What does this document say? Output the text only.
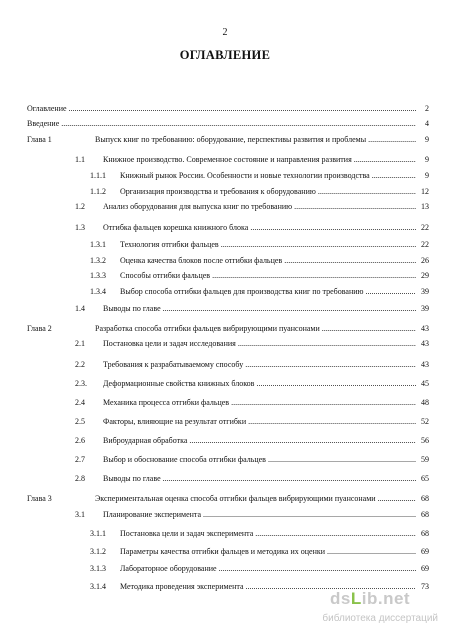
2
ОГЛАВЛЕНИЕ
Оглавление .....	2
Введение .....	4
Глава 1	Выпуск книг по требованию: оборудование, перспективы развития и проблемы .....	9
1.1 Книжное производство. Современное состояние и направления развития .....	9
1.1.1 Книжный рынок России. Особенности и новые технологии производства .....	9
1.1.2 Организация производства и требования к оборудованию .....	12
1.2 Анализ оборудования для выпуска книг по требованию .....	13
1.3 Отгибка фальцев корешка книжного блока .....	22
1.3.1 Технология отгибки фальцев .....	22
1.3.2 Оценка качества блоков после отгибки фальцев .....	26
1.3.3 Способы отгибки фальцев .....	29
1.3.4 Выбор способа отгибки фальцев для производства книг по требованию .....	39
1.4 Выводы по главе .....	39
Глава 2	Разработка способа отгибки фальцев вибрирующими пуансонами .....	43
2.1 Постановка цели и задач исследования .....	43
2.2 Требования к разрабатываемому способу .....	43
2.3. Деформационные свойства книжных блоков .....	45
2.4 Механика процесса отгибки фальцев .....	48
2.5 Факторы, влияющие на результат отгибки .....	52
2.6 Виброударная обработка .....	56
2.7 Выбор и обоснование способа отгибки фальцев .....	59
2.8 Выводы по главе .....	65
Глава 3	Экспериментальная оценка способа отгибки фальцев вибрирующими пуансонами .....	68
3.1 Планирование эксперимента .....	68
3.1.1 Постановка цели и задач эксперимента .....	68
3.1.2 Параметры качества отгибки фальцев и методика их оценки .....	69
3.1.3 Лабораторное оборудование .....	69
3.1.4 Методика проведения эксперимента .....	73
dsLib.net
библиотека диссертаций
